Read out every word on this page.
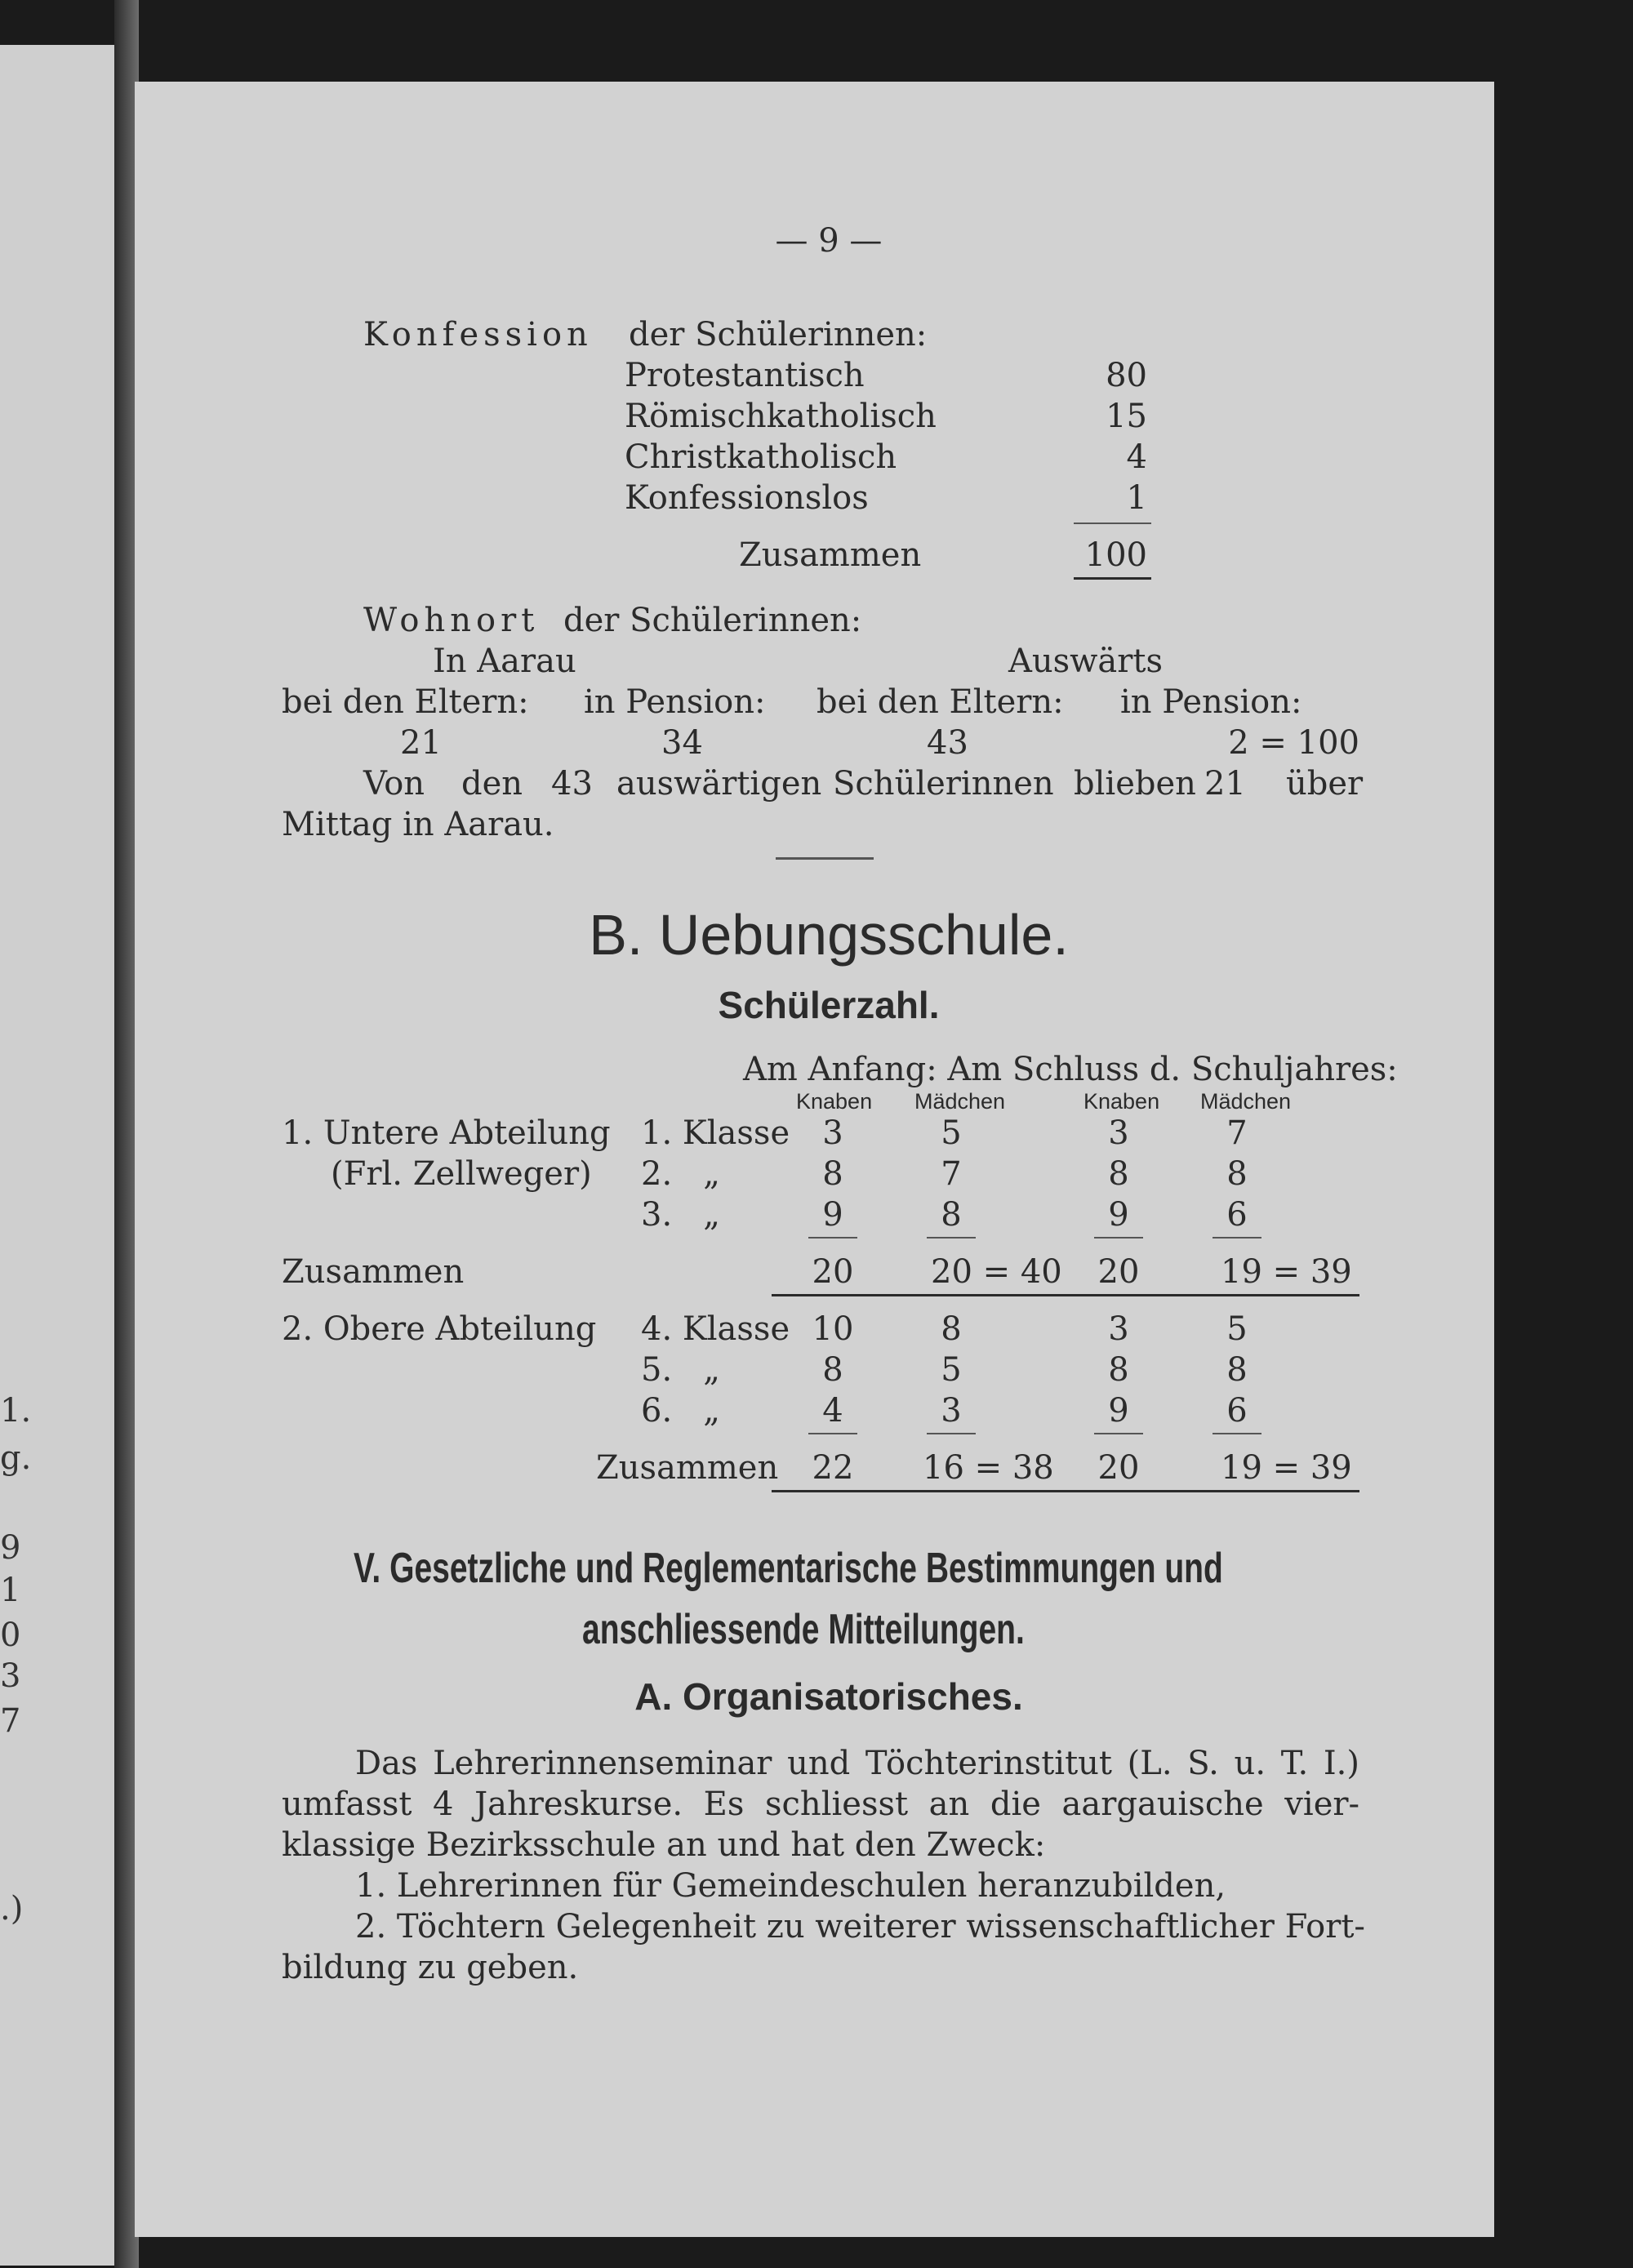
1.
g.
9
1
0
3
7
.)
— 9 —
Konfession der Schülerinnen:
Protestantisch	80
Römischkatholisch	15
Christkatholisch	4
Konfessionslos	1
Zusammen	100
Wohnort der Schülerinnen:
In Aarau	Auswärts
bei den Eltern: in Pension: bei den Eltern: in Pension:
21	34	43	2 = 100
Von den 43 auswärtigen Schülerinnen blieben 21 über
Mittag in Aarau.
B. Uebungsschule.
Schülerzahl.
Am Anfang: Am Schluss d. Schuljahres:
Knaben Mädchen	Knaben Mädchen
1. Untere Abteilung
(Frl. Zellweger)
1. Klasse	3	5	3	7
2.   „	8	7	8	8
3.   „	9	8	9	6
Zusammen	20	20 = 40	20	19 = 39
2. Obere Abteilung 4. Klasse 10	8	3	5
5.   „	8	5	8	8
6.   „	4	3	9	6
Zusammen	22	16 = 38	20	19 = 39
V. Gesetzliche und Reglementarische Bestimmungen und
anschliessende Mitteilungen.
A. Organisatorisches.
Das Lehrerinnenseminar und Töchterinstitut (L. S. u. T. I.)
umfasst 4 Jahreskurse. Es schliesst an die aargauische vier-
klassige Bezirksschule an und hat den Zweck:
1. Lehrerinnen für Gemeindeschulen heranzubilden,
2. Töchtern Gelegenheit zu weiterer wissenschaftlicher Fort-
bildung zu geben.
